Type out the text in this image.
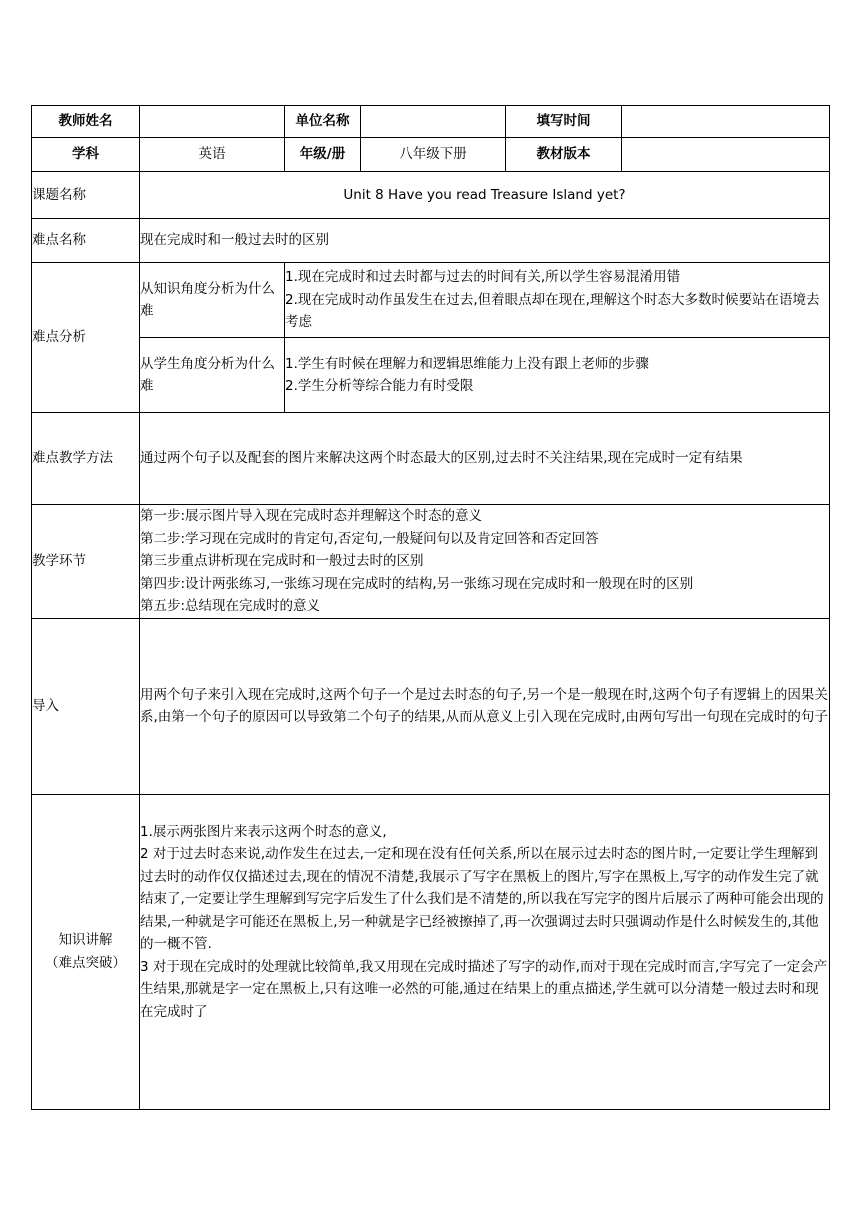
教师姓名		单位名称		填写时间	
学科	英语	年级/册	八年级下册	教材版本	
课题名称	Unit 8 Have you read Treasure Island yet?				
难点名称	现在完成时和一般过去时的区别				
难点分析	从知识角度分析为什么难	1.现在完成时和过去时都与过去的时间有关,所以学生容易混淆用错
2.现在完成时动作虽发生在过去,但着眼点却在现在,理解这个时态大多数时候要站在语境去考虑			

	从学生角度分析为什么难	1.学生有时候在理解力和逻辑思维能力上没有跟上老师的步骤
2.学生分析等综合能力有时受限			

难点教学方法	通过两个句子以及配套的图片来解决这两个时态最大的区别,过去时不关注结果,现在完成时一定有结果				
教学环节	第一步:展示图片导入现在完成时态并理解这个时态的意义
第二步:学习现在完成时的肯定句,否定句,一般疑问句以及肯定回答和否定回答
第三步重点讲析现在完成时和一般过去时的区别
第四步:设计两张练习,一张练习现在完成时的结构,另一张练习现在完成时和一般现在时的区别
第五步:总结现在完成时的意义				

导入	用两个句子来引入现在完成时,这两个句子一个是过去时态的句子,另一个是一般现在时,这两个句子有逻辑上的因果关系,由第一个句子的原因可以导致第二个句子的结果,从而从意义上引入现在完成时,由两句写出一句现在完成时的句子				

知识讲解
（难点突破）	1.展示两张图片来表示这两个时态的意义,
2 对于过去时态来说,动作发生在过去,一定和现在没有任何关系,所以在展示过去时态的图片时,一定要让学生理解到过去时的动作仅仅描述过去,现在的情况不清楚,我展示了写字在黑板上的图片,写字在黑板上,写字的动作发生完了就结束了,一定要让学生理解到写完字后发生了什么我们是不清楚的,所以我在写完字的图片后展示了两种可能会出现的结果,一种就是字可能还在黑板上,另一种就是字已经被擦掉了,再一次强调过去时只强调动作是什么时候发生的,其他的一概不管.
3 对于现在完成时的处理就比较简单,我又用现在完成时描述了写字的动作,而对于现在完成时而言,字写完了一定会产生结果,那就是字一定在黑板上,只有这唯一必然的可能,通过在结果上的重点描述,学生就可以分清楚一般过去时和现在完成时了				
